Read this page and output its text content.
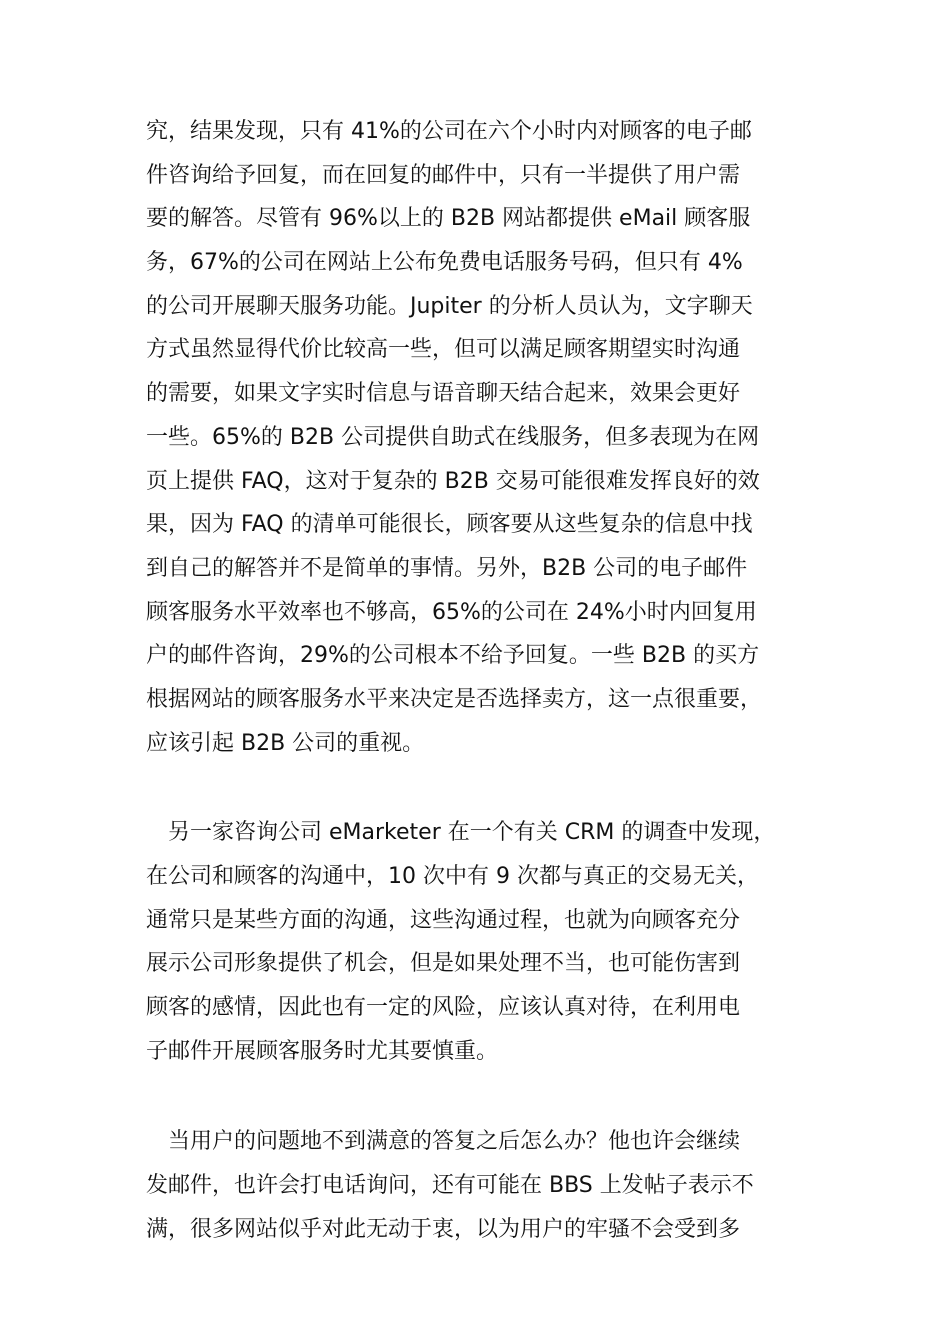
究，结果发现，只有 41%的公司在六个小时内对顾客的电子邮
件咨询给予回复，而在回复的邮件中，只有一半提供了用户需
要的解答。尽管有 96%以上的 B2B 网站都提供 eMail 顾客服
务，67%的公司在网站上公布免费电话服务号码，但只有 4%
的公司开展聊天服务功能。Jupiter 的分析人员认为，文字聊天
方式虽然显得代价比较高一些，但可以满足顾客期望实时沟通
的需要，如果文字实时信息与语音聊天结合起来，效果会更好
一些。65%的 B2B 公司提供自助式在线服务，但多表现为在网
页上提供 FAQ，这对于复杂的 B2B 交易可能很难发挥良好的效
果，因为 FAQ 的清单可能很长，顾客要从这些复杂的信息中找
到自己的解答并不是简单的事情。另外，B2B 公司的电子邮件
顾客服务水平效率也不够高，65%的公司在 24%小时内回复用
户的邮件咨询，29%的公司根本不给予回复。一些 B2B 的买方
根据网站的顾客服务水平来决定是否选择卖方，这一点很重要，
应该引起 B2B 公司的重视。
　另一家咨询公司 eMarketer 在一个有关 CRM 的调查中发现，
在公司和顾客的沟通中，10 次中有 9 次都与真正的交易无关，
通常只是某些方面的沟通，这些沟通过程，也就为向顾客充分
展示公司形象提供了机会，但是如果处理不当，也可能伤害到
顾客的感情，因此也有一定的风险，应该认真对待，在利用电
子邮件开展顾客服务时尤其要慎重。
　当用户的问题地不到满意的答复之后怎么办？他也许会继续
发邮件，也许会打电话询问，还有可能在 BBS 上发帖子表示不
满，很多网站似乎对此无动于衷，以为用户的牢骚不会受到多
